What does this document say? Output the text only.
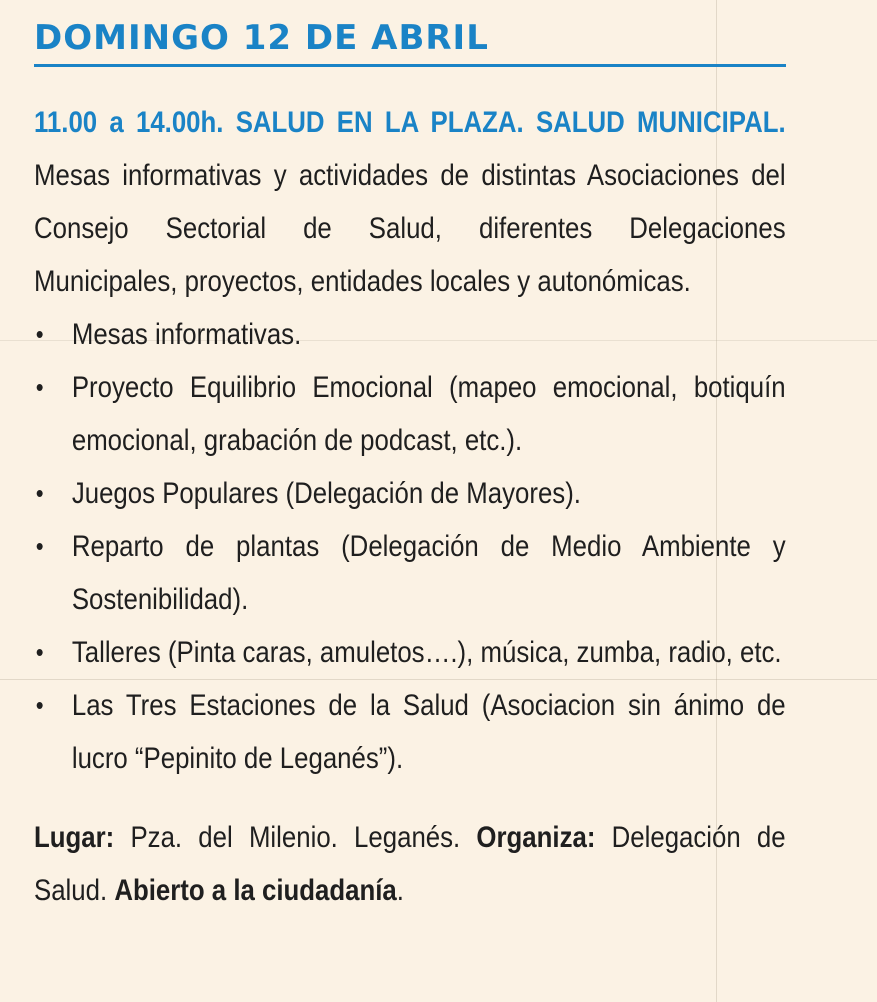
DOMINGO 12 DE ABRIL

11.00 a 14.00h. SALUD EN LA PLAZA. SALUD MUNICIPAL. Mesas informativas y actividades de distintas Asociaciones del Consejo Sectorial de Salud, diferentes Delegaciones Municipales, proyectos, entidades locales y autonómicas.

• Mesas informativas.
• Proyecto Equilibrio Emocional (mapeo emocional, botiquín emocional, grabación de podcast, etc.).
• Juegos Populares (Delegación de Mayores).
• Reparto de plantas (Delegación de Medio Ambiente y Sostenibilidad).
• Talleres (Pinta caras, amuletos….), música, zumba, radio, etc.
• Las Tres Estaciones de la Salud (Asociacion sin ánimo de lucro “Pepinito de Leganés”).

Lugar: Pza. del Milenio. Leganés. Organiza: Delegación de Salud. Abierto a la ciudadanía.
